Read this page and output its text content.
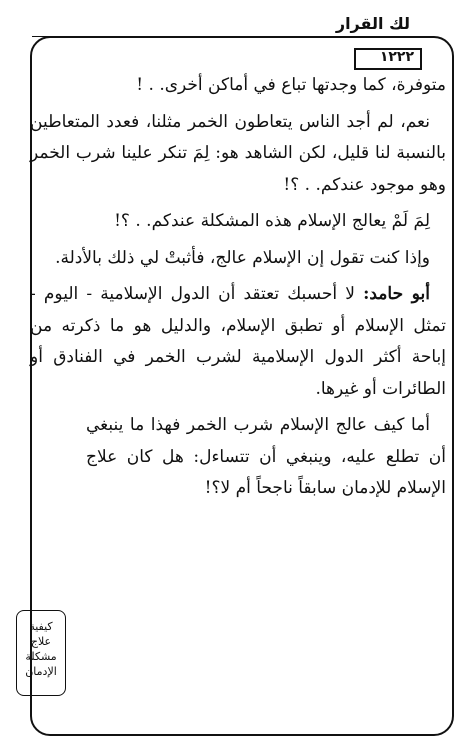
لك القرار
١٢٢٢

متوفرة، كما وجدتها تباع في أماكن أخرى. . !

نعم، لم أجد الناس يتعاطون الخمر مثلنا، فعدد المتعاطين بالنسبة لنا قليل، لكن الشاهد هو: لِمَ تنكر علينا شرب الخمر وهو موجود عندكم. . ؟!

لِمَ لَمْ يعالج الإسلام هذه المشكلة عندكم. . ؟!

وإذا كنت تقول إن الإسلام عالج، فأثبتْ لي ذلك بالأدلة.

أبو حامد: لا أحسبك تعتقد أن الدول الإسلامية - اليوم - تمثل الإسلام أو تطبق الإسلام، والدليل هو ما ذكرته من إباحة أكثر الدول الإسلامية لشرب الخمر في الفنادق أو الطائرات أو غيرها.

أما كيف عالج الإسلام شرب الخمر فهذا ما ينبغي أن تطلع عليه، وينبغي أن تتساءل: هل كان علاج الإسلام للإدمان سابقاً ناجحاً أم لا؟!

كيفية
علاج
مشكلة
الإدمان
